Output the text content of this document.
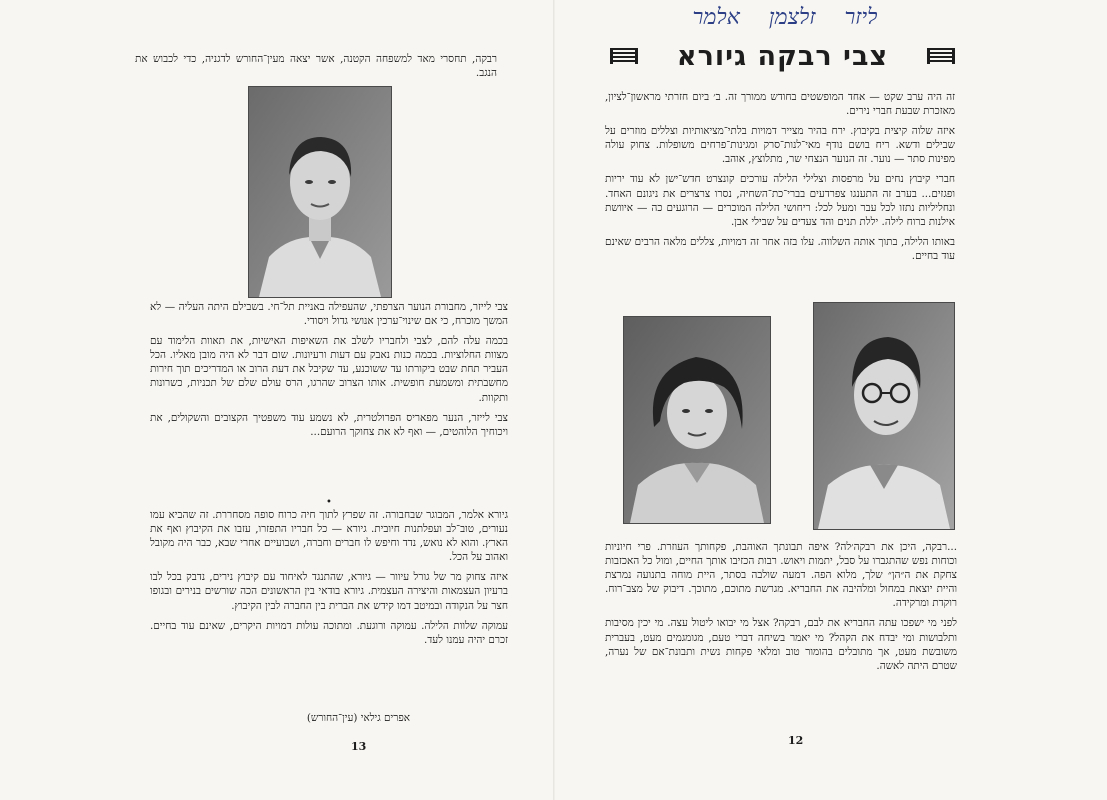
רבקה, תחסרי מאד למשפחה הקטנה, אשר יצאה מעין־החורש לדגניה, כדי לכבוש את הנגב.

צבי לייזר, מחבורת הנוער הצרפתי, שהעפילה באניית תל־חי. בשבילם היתה העליה — לא המשך מוכרח, כי אם שינוי־ערכין אנושי גדול ויסודי.

בכמה עלה להם, לצבי ולחבריו לשלב את השאיפות האישיות, את תאוות הלימוד עם מצוות החלוציות. בכמה כנות נאבק עם דעות ורעיונות. שום דבר לא היה מובן מאליו. הכל העביר תחת שבט ביקורתו עד ששוכנע, עד שקיבל את דעת הרוב או המדריכים תוך חירות מחשבתית ומשמעת חופשית. אותו הצרוב שהרגו, הרס עולם שלם של תכניות, כשרונות ותקוות.

צבי לייזר, הנער מפאריס הפרולטרית, לא נשמע עוד משפטיך הקצובים והשקולים, את ויכוחיך הלוהטים, — ואף לא את צחוקך הרועם...

•

גיורא אלמר, המבוגר שבחבורה. זה שפרץ לתוך חיה כרוח סופה מסחררת. זה שהביא עמו נעורים, טוב־לב ועפלתנות חיובית. גיורא — כל חבריו התפזרו, עזבו את הקיבוץ ואף את הארץ. והוא לא נואש, נדד וחיפש לו חברים וחברה, ושבועיים אחרי שבא, כבר היה מקובל ואהוב על הכל.

איזה צחוק מר של גורל עיוור — גיורא, שהתנגד לאיחוד עם קיבוץ נירים, נדבק בכל לבו ברעיון העצמאות והיצירה העצמית. גיורא בודאי בין הראשונים הכה שורשים בנירים ובגופו חצר על הנקודה ובמיטב דמו קידש את הברית בין החברה לבין הקיבוץ.

עמוקה שלוות הלילה. עמוקה ורוגעת. ומתוכה עולות דמויות היקרים, שאינם עוד בחיים. זכרם יהיה עמנו לעד.

אפרים גילאי (עין־החורש)
13
ליזר זלצמן אלמר
צבי רבקה גיורא

זה היה ערב שקט — אחד המופשטים בחודש ממורך זה. ב׳ ביום חזרתי מראשון־לציון, מאזכרת שבעת חברי נירים.

איזה שלוה קיצית בקיבוץ. ירח בהיר מצייר דמויות בלתי־מציאותיות וצללים מוזרים על שבילים ודשא. ריח בושם נודף מאי־לנות־סרק ומגינות־פרחים משופלות. צחוק עולה מפינות סתר — נוער. זה הנוער הנצחי שר, מתלוצץ, אוהב.

חברי קיבוץ נחים על מרפסות וצלילי הלילה עורכים קונצרט חדש־ישן לא עוד יריות ופגזים... בערב זה התענגו צפרדעים בברי־כת־השחיה, נסרו צרצרים את ניגונם האחד. ונחליליות נתזו לכל עבר ומעל לכל: ריחושי הלילה המוכרים — הרוגעים כה — איוושת אילנות ברוח לילה. יללת תנים והד צעדים על שבילי אבן.

באותו הלילה, בתוך אותה השלווה. עלו בזה אחר זה דמויות, צללים מלאה הרבים שאינם עוד בחיים.

...רבקה, היכן את רבקה׳לה? איפה תבונתך האוהבת, פקחותך העוזרת. פרי חיוניות וכוחות נפש שהתגברו על סבל, יתמות ויאוש. רבות הכזיבו אותך החיים, ומול כל האכזבות צחקת את ה״הן״ שלך, מלוא הפה. דמעה שולבה בסתר, היית מוחה בתנועה נמרצת והיית יוצאת במחול ומלהיבה את החבריא. מגרשת מתוכם, מתוכך. דיבוק של מצב־רוח. רוקדת ומרקידה.

לפני מי ישפכו עתה החבריא את לבם, רבקה? אצל מי יבואו ליטול עצה. מי יכין מסיבות ותלבושות ומי יבדח את הקהל? מי יאמר בשיחה דברי טעם, מגומגמים מעט, בעברית משובשת מעט, אך מתובלים בהומור טוב ומלאי פקחות נשית ותבונת־אם של נערה, שטרם היתה לאשה.

12
